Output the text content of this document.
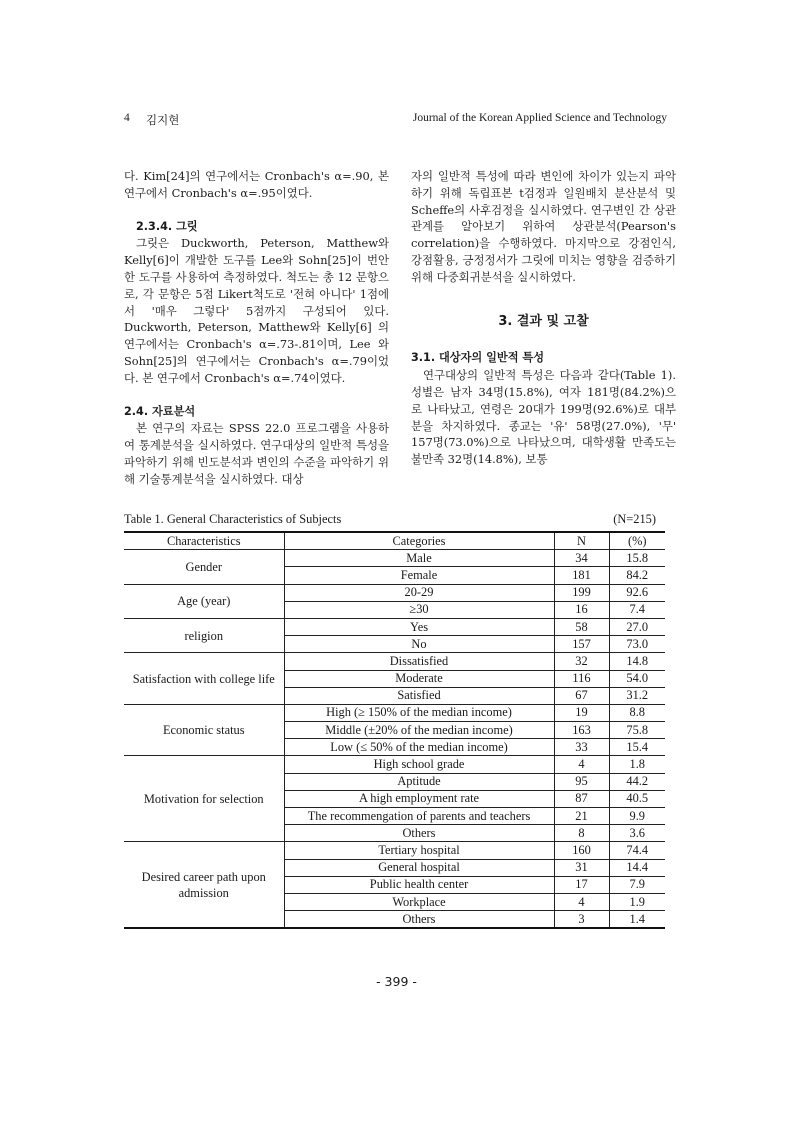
4 김지현	Journal of the Korean Applied Science and Technology

다. Kim[24]의 연구에서는 Cronbach's α=.90, 본 연구에서 Cronbach's α=.95이였다.

2.3.4. 그릿

그릿은 Duckworth, Peterson, Matthew와 Kelly[6]이 개발한 도구를 Lee와 Sohn[25]이 번안한 도구를 사용하여 측정하였다. 척도는 총 12 문항으로, 각 문항은 5점 Likert척도로 '전혀 아니다' 1점에서 '매우 그렇다' 5점까지 구성되어 있다. Duckworth, Peterson, Matthew와 Kelly[6] 의 연구에서는 Cronbach's α=.73-.81이며, Lee 와 Sohn[25]의 연구에서는 Cronbach's α=.79이었다. 본 연구에서 Cronbach's α=.74이였다.

2.4. 자료분석

본 연구의 자료는 SPSS 22.0 프로그램을 사용하여 통계분석을 실시하였다. 연구대상의 일반적 특성을 파악하기 위해 빈도분석과 변인의 수준을 파악하기 위해 기술통계분석을 실시하였다. 대상

자의 일반적 특성에 따라 변인에 차이가 있는지 파악하기 위해 독립표본 t검정과 일원배치 분산분석 및 Scheffe의 사후검정을 실시하였다. 연구변인 간 상관관계를 알아보기 위하여 상관분석(Pearson's correlation)을 수행하였다. 마지막으로 강점인식, 강점활용, 긍정정서가 그릿에 미치는 영향을 검증하기 위해 다중회귀분석을 실시하였다.

3. 결과 및 고찰

3.1. 대상자의 일반적 특성

연구대상의 일반적 특성은 다음과 같다(Table 1). 성별은 남자 34명(15.8%), 여자 181명(84.2%)으로 나타났고, 연령은 20대가 199명(92.6%)로 대부분을 차지하였다. 종교는 '유' 58명(27.0%), '무' 157명(73.0%)으로 나타났으며, 대학생활 만족도는 불만족 32명(14.8%), 보통

Table 1. General Characteristics of Subjects	(N=215)
Characteristics	Categories	N	(%)
Gender	Male	34	15.8
	Female	181	84.2
Age (year)	20-29	199	92.6
	≥30	16	7.4
religion	Yes	58	27.0
	No	157	73.0
Satisfaction with college life	Dissatisfied	32	14.8
	Moderate	116	54.0
	Satisfied	67	31.2
Economic status	High (≥ 150% of the median income)	19	8.8
	Middle (±20% of the median income)	163	75.8
	Low (≤ 50% of the median income)	33	15.4
Motivation for selection	High school grade	4	1.8
	Aptitude	95	44.2
	A high employment rate	87	40.5
	The recommengation of parents and teachers	21	9.9
	Others	8	3.6
Desired career path upon admission	Tertiary hospital	160	74.4
	General hospital	31	14.4
	Public health center	17	7.9
	Workplace	4	1.9
	Others	3	1.4
- 399 -
